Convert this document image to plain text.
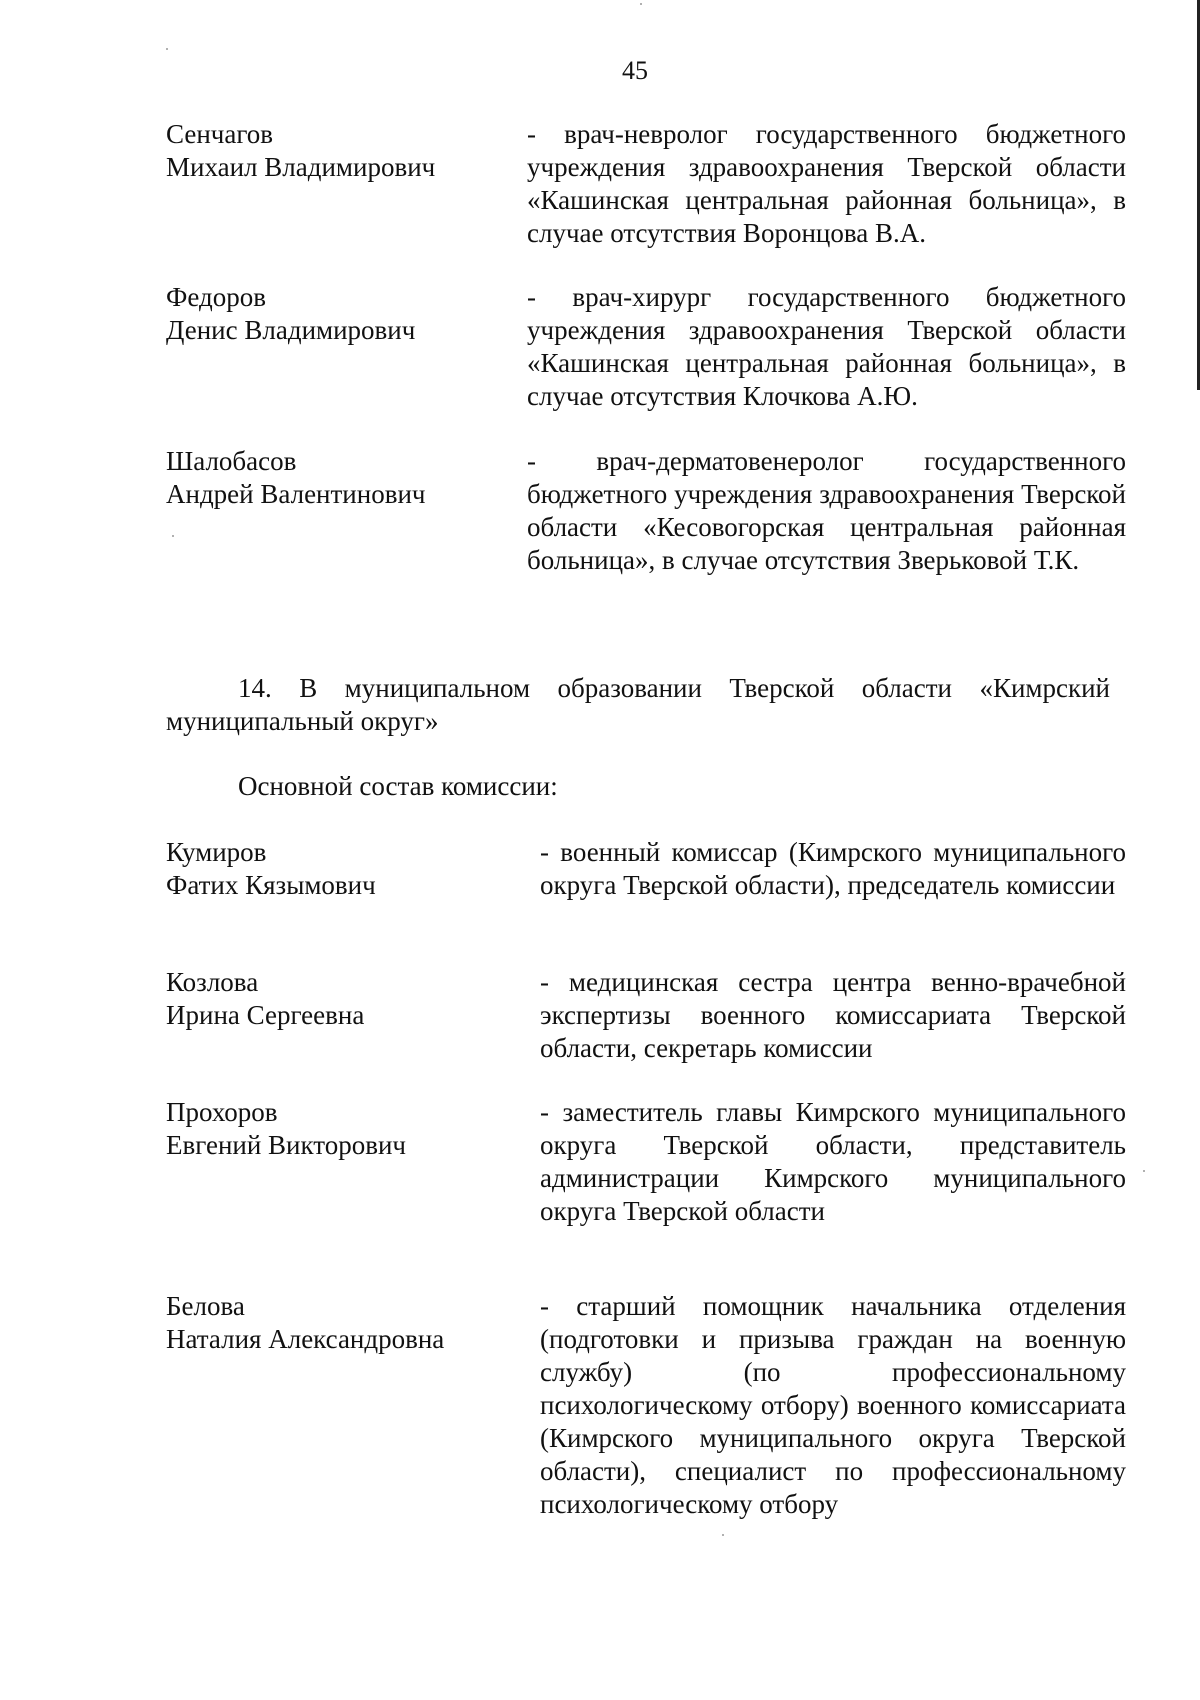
45
Сенчагов
Михаил Владимирович
- врач-невролог государственного бюджетного учреждения здравоохранения Тверской области «Кашинская центральная районная больница», в случае отсутствия Воронцова В.А.
Федоров
Денис Владимирович
- врач-хирург государственного бюджетного учреждения здравоохранения Тверской области «Кашинская центральная районная больница», в случае отсутствия Клочкова А.Ю.
Шалобасов
Андрей Валентинович
- врач-дерматовенеролог государственного бюджетного учреждения здравоохранения Тверской области «Кесовогорская центральная районная больница», в случае отсутствия Зверьковой Т.К.
14. В муниципальном образовании Тверской области «Кимрский муниципальный округ»
Основной состав комиссии:
Кумиров
Фатих Кязымович
- военный комиссар (Кимрского муниципального округа Тверской области), председатель комиссии
Козлова
Ирина Сергеевна
- медицинская сестра центра венно-врачебной экспертизы военного комиссариата Тверской области, секретарь комиссии
Прохоров
Евгений Викторович
- заместитель главы Кимрского муниципального округа Тверской области, представитель администрации Кимрского муниципального округа Тверской области
Белова
Наталия Александровна
- старший помощник начальника отделения (подготовки и призыва граждан на военную службу) (по профессиональному психологическому отбору) военного комиссариата (Кимрского муниципального округа Тверской области), специалист по профессиональному психологическому отбору
